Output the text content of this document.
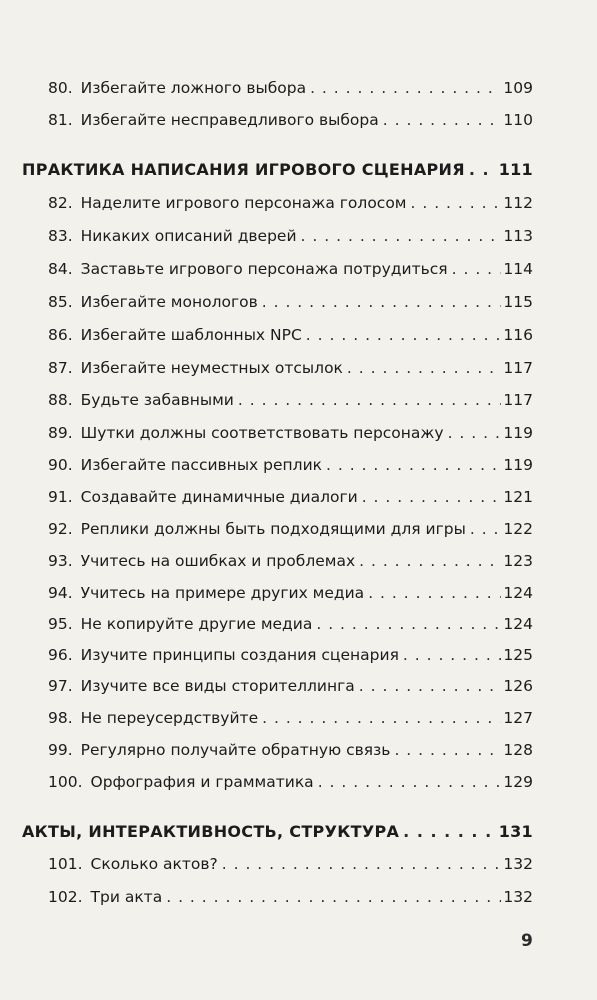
80. Избегайте ложного выбора . . .	109
81. Избегайте несправедливого выбора . . .	110
ПРАКТИКА НАПИСАНИЯ ИГРОВОГО СЦЕНАРИЯ . . . 111
82. Наделите игрового персонажа голосом . . .	112
83. Никаких описаний дверей . . .	113
84. Заставьте игрового персонажа потрудиться . . .	114
85. Избегайте монологов . . .	115
86. Избегайте шаблонных NPC . . .	116
87. Избегайте неуместных отсылок . . .	117
88. Будьте забавными . . .	117
89. Шутки должны соответствовать персонажу . . .	119
90. Избегайте пассивных реплик . . .	119
91. Создавайте динамичные диалоги . . .	121
92. Реплики должны быть подходящими для игры . . . 122
93. Учитесь на ошибках и проблемах . . .	123
94. Учитесь на примере других медиа . . .	124
95. Не копируйте другие медиа . . .	124
96. Изучите принципы создания сценария . . .	125
97. Изучите все виды сторителлинга . . .	126
98. Не переусердствуйте . . .	127
99. Регулярно получайте обратную связь . . .	128
100. Орфография и грамматика . . .	129
АКТЫ, ИНТЕРАКТИВНОСТЬ, СТРУКТУРА . . .	131
101. Сколько актов? . . .	132
102. Три акта . . .	132
9
